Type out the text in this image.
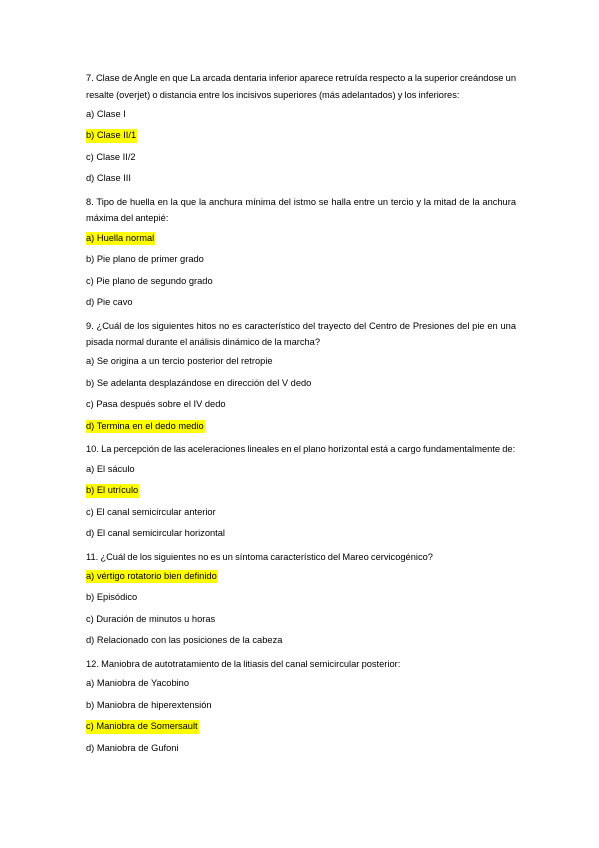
7. Clase de Angle en que La arcada dentaria inferior aparece retruída respecto a la superior creándose un resalte (overjet) o distancia entre los incisivos superiores (más adelantados) y los inferiores:

a) Clase I
b) Clase II/1
c) Clase II/2
d) Clase III

8. Tipo de huella en la que la anchura mínima del istmo se halla entre un tercio y la mitad de la anchura máxima del antepié:

a) Huella normal
b) Pie plano de primer grado
c) Pie plano de segundo grado
d) Pie cavo

9. ¿Cuál de los siguientes hitos no es característico del trayecto del Centro de Presiones del pie en una pisada normal durante el análisis dinámico de la marcha?

a) Se origina a un tercio posterior del retropie
b) Se adelanta desplazándose en dirección del V dedo
c) Pasa después sobre el IV dedo
d) Termina en el dedo medio

10. La percepción de las aceleraciones lineales en el plano horizontal está a cargo fundamentalmente de:

a) El sáculo
b) El utrículo
c) El canal semicircular anterior
d) El canal semicircular horizontal

11. ¿Cuál de los siguientes no es un síntoma característico del Mareo cervicogénico?

a) vértigo rotatorio bien definido
b) Episódico
c) Duración de minutos u horas
d) Relacionado con las posiciones de la cabeza

12. Maniobra de autotratamiento de la litiasis del canal semicircular posterior:

a) Maniobra de Yacobino
b) Maniobra de hiperextensión
c) Maniobra de Somersault
d) Maniobra de Gufoni
